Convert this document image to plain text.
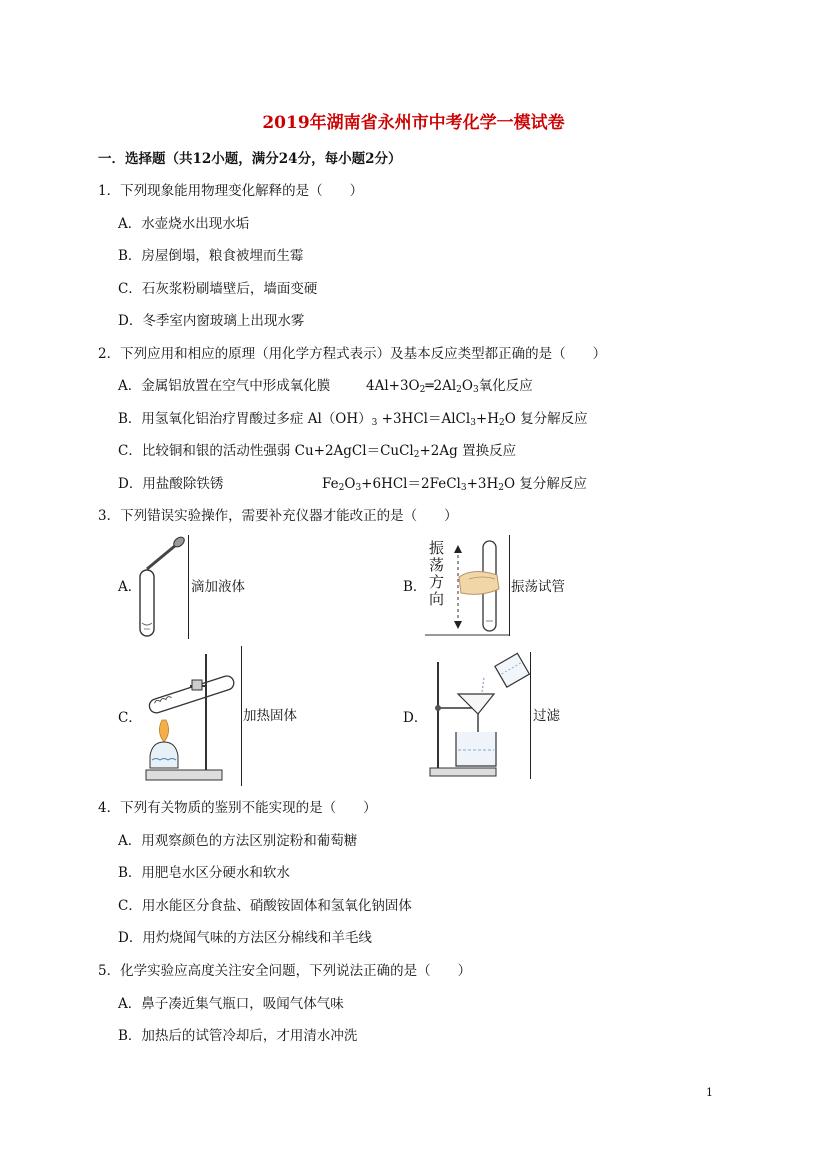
2019年湖南省永州市中考化学一模试卷
一．选择题（共12小题，满分24分，每小题2分）
1．下列现象能用物理变化解释的是（　　）
A．水壶烧水出现水垢
B．房屋倒塌，粮食被埋而生霉
C．石灰浆粉刷墙壁后，墙面变硬
D．冬季室内窗玻璃上出现水雾
2．下列应用和相应的原理（用化学方程式表示）及基本反应类型都正确的是（　　）
A．金属铝放置在空气中形成氧化膜	$4Al+3O_2═2Al_2O_3$氧化反应
B．用氢氧化铝治疗胃酸过多症 $Al(OH)_3$ $+3HCl=AlCl_3+H_2O$ 复分解反应
C．比较铜和银的活动性强弱 Cu+2AgCl＝CuCl$_2$+2Ag 置换反应
D．用盐酸除铁锈	$Fe_2O_3+6HCl=2FeCl_3+3H_2O$ 复分解反应
3．下列错误实验操作，需要补充仪器才能改正的是（　　）
A．	滴加液体	B．
振
荡
方
向
振荡试管
C．	加热固体	D．	过滤
4．下列有关物质的鉴别不能实现的是（　　）
A．用观察颜色的方法区别淀粉和葡萄糖
B．用肥皂水区分硬水和软水
C．用水能区分食盐、硝酸铵固体和氢氧化钠固体
D．用灼烧闻气味的方法区分棉线和羊毛线
5．化学实验应高度关注安全问题，下列说法正确的是（　　）
A．鼻子凑近集气瓶口，吸闻气体气味
B．加热后的试管冷却后，才用清水冲洗
1
